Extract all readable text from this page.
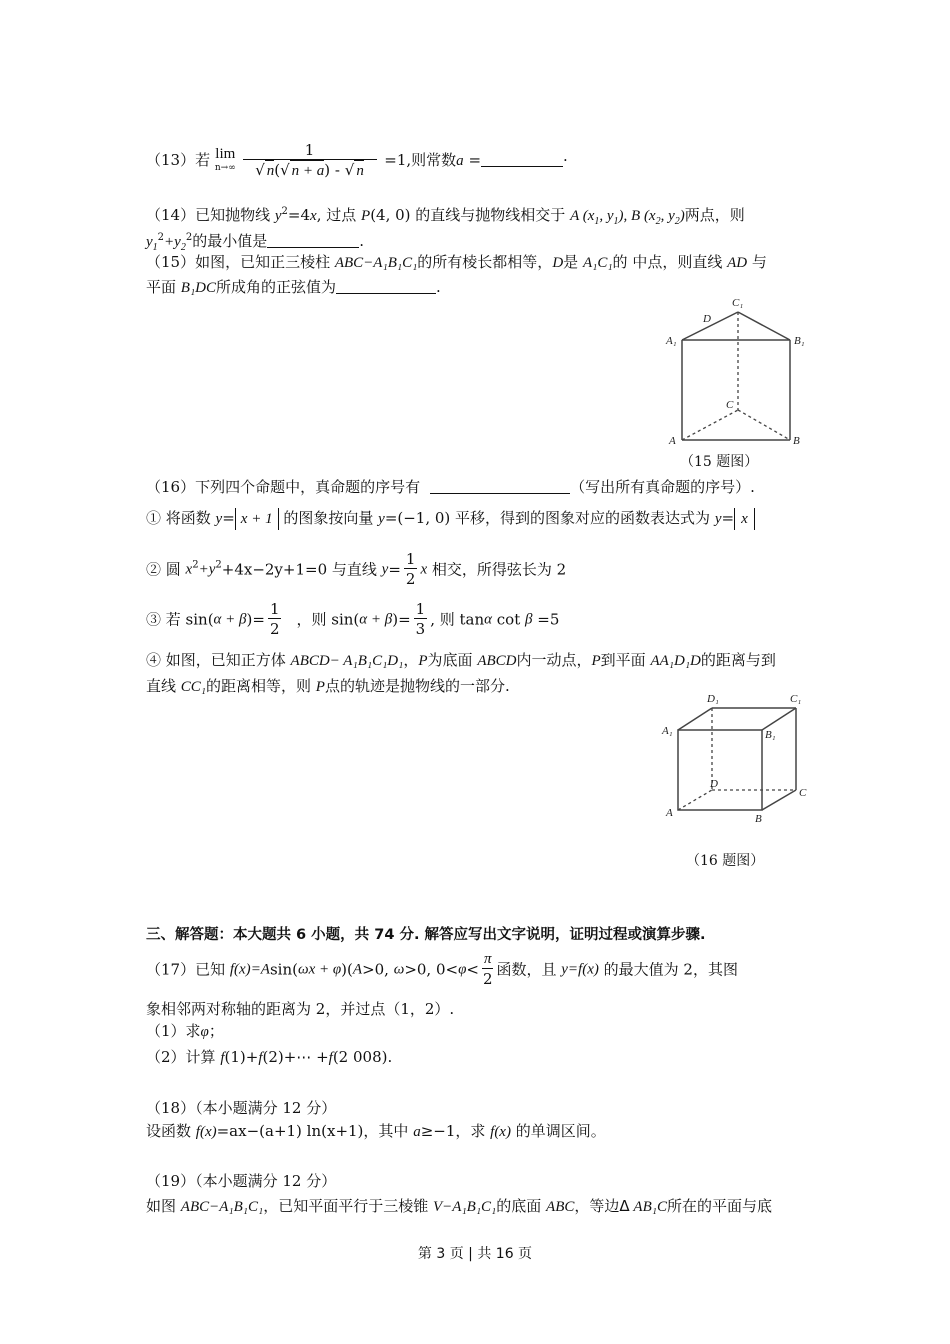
（13）若 lim
n→∞
$\frac{1}{√ n(√ n + a) - √ n} =1$,则常数a =	·
（14）已知抛物线 $y^2=4x$, 过点 P(4, 0) 的直线与抛物线相交于 A ($x_1$, $y_1$), B ($x_2$, $y_2$)两点，则
$y_1^2+y_2^2$的最小值是	.
（15）如图，已知正三棱柱 ABC−A₁B₁C₁的所有棱长都相等，D是 A₁C₁的 中点，则直线 AD 与
平面 B₁DC所成角的正弦值为	.
C₁
D
A₁	B₁
C
A	B
（15 题图）
（16）下列四个命题中，真命题的序号有	（写出所有真命题的序号）.
① 将函数 y= x + 1 的图象按向量 y=(−1, 0) 平移，得到的图象对应的函数表达式为 y= x
② 圆 $x^2+y^2+4x-2y+1=0$ 与直线 $y= \frac{1}{2}$ x 相交，所得弦长为 2
③ 若 $\sin(\alpha + \beta)= \frac{1}{2}$ ，则 $\sin(\alpha + \beta)= \frac{1}{3}$ , 则 tanα cot β =5
④ 如图，已知正方体 ABCD− A₁B₁C₁D₁，P为底面 ABCD内一动点，P到平面 AA₁D₁D的距离与到
直线 CC₁的距离相等，则 P点的轨迹是抛物线的一部分.
D₁	C₁
A₁	B₁
D
C
A	B
（16 题图）
三、解答题：本大题共 6 小题，共 74 分. 解答应写出文字说明，证明过程或演算步骤.
（17）已知 f(x)=Asin(ωx + φ)(A>0, ω>0, $0<\varphi< \frac{\pi}{2}$ 函数，且 y=f(x) 的最大值为 2，其图
象相邻两对称轴的距离为 2，并过点（1，2）.
（1）求φ；
（2）计算 f(1)+f(2)+⋯ +f(2 008).
（18）（本小题满分 12 分）
设函数 f(x)=ax−(a+1) ln(x+1)，其中 a≥−1，求 f(x) 的单调区间。
（19）（本小题满分 12 分）
如图 ABC−A₁B₁C₁，已知平面平行于三棱锥 V−A₁B₁C₁的底面 ABC，等边Δ AB₁C所在的平面与底
第 3 页 | 共 16 页
